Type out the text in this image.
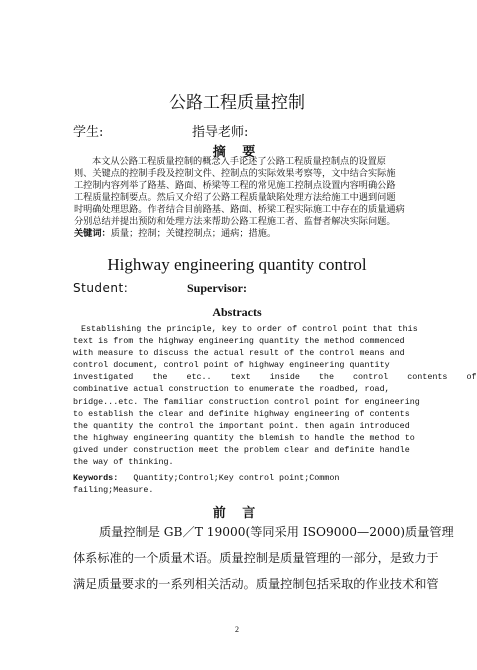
公路工程质量控制
学生:	指导老师:
摘 要

本文从公路工程质量控制的概念入手论述了公路工程质量控制点的设置原

则、关键点的控制手段及控制文件、控制点的实际效果考察等，文中结合实际施

工控制内容列举了路基、路面、桥梁等工程的常见施工控制点设置内容明确公路

工程质量控制要点。然后又介绍了公路工程质量缺陷处理方法给施工中遇到问题

时明确处理思路。作者结合目前路基、路面、桥梁工程实际施工中存在的质量通病

分别总结并提出预防和处理方法来帮助公路工程施工者、监督者解决实际问题。

关键词：质量；控制；关键控制点；通病；措施。

Highway engineering quantity control
Student:	Supervisor:
Abstracts

Establishing the principle, key to order of control point that this

text is from the highway engineering quantity the method commenced

with measure to discuss the actual result of the control means and

control document, control point of highway engineering quantity

investigated the etc.. text inside the control contents of

combinative actual construction to enumerate the roadbed, road,

bridge...etc. The familiar construction control point for engineering

to establish the clear and definite highway engineering of contents

the quantity the control the important point. then again introduced

the highway engineering quantity the blemish to handle the method to

gived under construction meet the problem clear and definite handle

the way of thinking.

Keywords: Quantity;Control;Key control point;Common

failing;Measure.

前 言

质量控制是 GB／T 19000(等同采用 ISO9000—2000)质量管理

体系标准的一个质量术语。质量控制是质量管理的一部分，是致力于

满足质量要求的一系列相关活动。质量控制包括采取的作业技术和管

2
